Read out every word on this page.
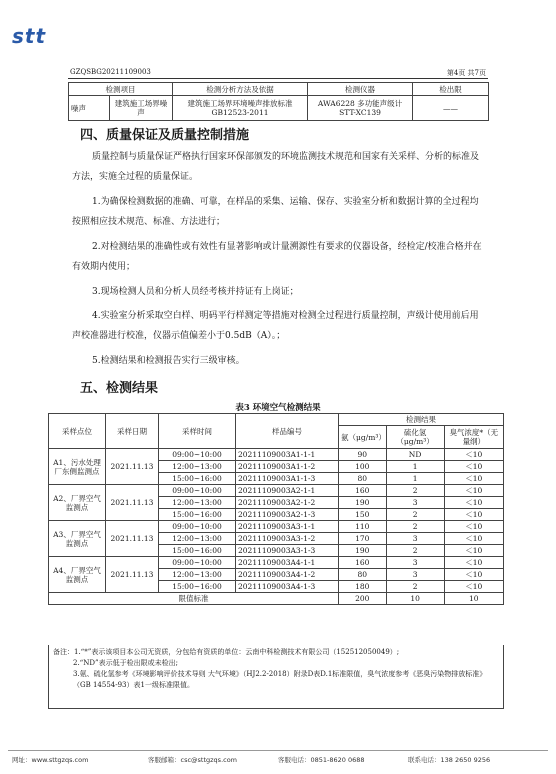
stt
GZQSBG20211109003	第4页 共7页
检测项目		检测分析方法及依据	检测仪器	检出限
噪声	建筑施工场界噪声	建筑施工场界环境噪声排放标准　GB12523-2011	AWA6228 多功能声级计 STT-XC139	——
四、质量保证及质量控制措施
质量控制与质量保证严格执行国家环保部颁发的环境监测技术规范和国家有关采样、分析的标准及方法，实施全过程的质量保证。
1.为确保检测数据的准确、可靠，在样品的采集、运输、保存、实验室分析和数据计算的全过程均按照相应技术规范、标准、方法进行；
2.对检测结果的准确性或有效性有显著影响或计量溯源性有要求的仪器设备，经检定/校准合格并在有效期内使用；
3.现场检测人员和分析人员经考核并持证有上岗证；
4.实验室分析采取空白样、明码平行样测定等措施对检测全过程进行质量控制，声级计使用前后用声校准器进行校准，仪器示值偏差小于0.5dB（A）。；
5.检测结果和检测报告实行三级审核。
五、检测结果
表3 环境空气检测结果
采样点位	采样日期	采样时间	样品编号	检测结果		
				氨（μg/m³）	硫化氢（μg/m³）	臭气浓度*（无量纲）
A1、污水处理厂东侧监测点	2021.11.13	09:00~10:00	20211109003A1-1-1	90	ND	＜10
		12:00~13:00	20211109003A1-1-2	100	1	＜10
		15:00~16:00	20211109003A1-1-3	80	1	＜10
A2、厂界空气监测点	2021.11.13	09:00~10:00	20211109003A2-1-1	160	2	＜10
		12:00~13:00	20211109003A2-1-2	190	3	＜10
		15:00~16:00	20211109003A2-1-3	150	2	＜10
A3、厂界空气监测点	2021.11.13	09:00~10:00	20211109003A3-1-1	110	2	＜10
		12:00~13:00	20211109003A3-1-2	170	3	＜10
		15:00~16:00	20211109003A3-1-3	190	2	＜10
A4、厂界空气监测点	2021.11.13	09:00~10:00	20211109003A4-1-1	160	3	＜10
		12:00~13:00	20211109003A4-1-2	80	3	＜10
		15:00~16:00	20211109003A4-1-3	180	2	＜10
限值标准				200	10	10
备注：1.“*”表示该项目本公司无资质，分包给有资质的单位：云南中科检测技术有限公司（152512050049）;
2.“ND”表示低于检出限或未检出;
3.氨、硫化氢参考《环境影响评价技术导则 大气环境》（HJ2.2-2018）附录D表D.1标准限值，臭气浓度参考《恶臭污染物排放标准》（GB 14554-93）表1一级标准限值。
网址：www.sttgzqs.com	客服邮箱：csc@sttgzqs.com	客服电话：0851-8620 0688	联系电话：138 2650 9256
